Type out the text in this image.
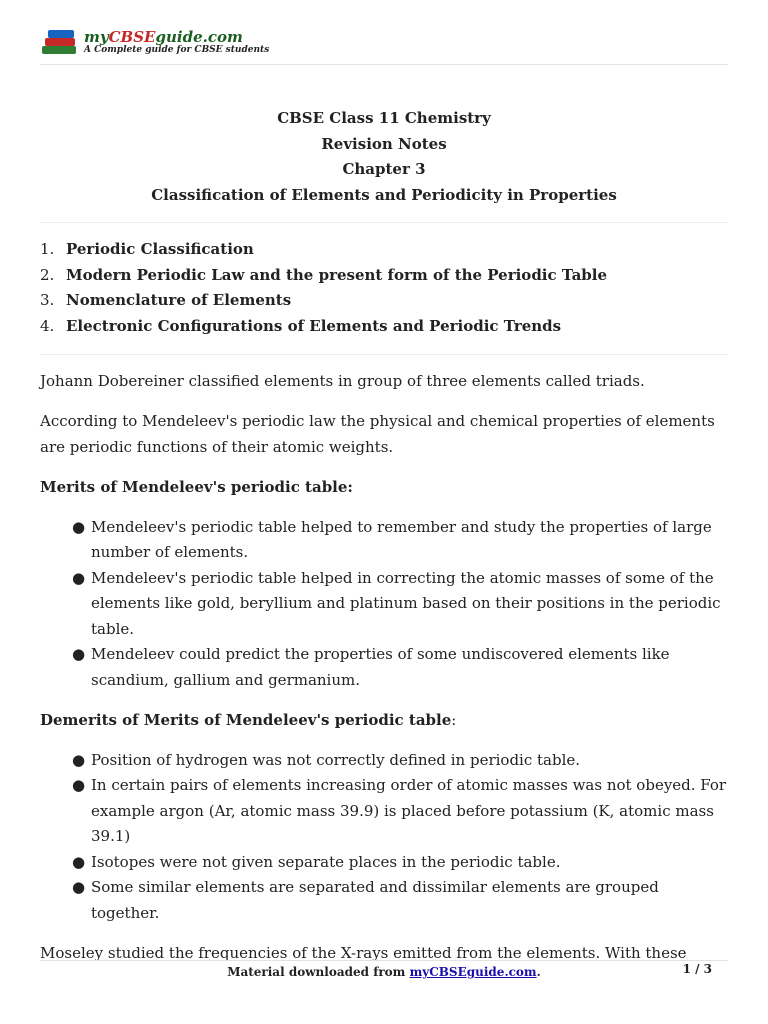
myCBSEguide.com
A Complete guide for CBSE students
CBSE Class 11 Chemistry
Revision Notes
Chapter 3
Classification of Elements and Periodicity in Properties
1. Periodic Classification
2. Modern Periodic Law and the present form of the Periodic Table
3. Nomenclature of Elements
4. Electronic Configurations of Elements and Periodic Trends

Johann Dobereiner classified elements in group of three elements called triads.

According to Mendeleev's periodic law the physical and chemical properties of elements are periodic functions of their atomic weights.

Merits of Mendeleev's periodic table:

● Mendeleev's periodic table helped to remember and study the properties of large number of elements.
● Mendeleev's periodic table helped in correcting the atomic masses of some of the elements like gold, beryllium and platinum based on their positions in the periodic table.
● Mendeleev could predict the properties of some undiscovered elements like scandium, gallium and germanium.

Demerits of Merits of Mendeleev's periodic table:

● Position of hydrogen was not correctly defined in periodic table.
● In certain pairs of elements increasing order of atomic masses was not obeyed. For example argon (Ar, atomic mass 39.9) is placed before potassium (K, atomic mass 39.1)
● Isotopes were not given separate places in the periodic table.
● Some similar elements are separated and dissimilar elements are grouped together.

Moseley studied the frequencies of the X-rays emitted from the elements. With these

Material downloaded from myCBSEguide.com.	1 / 3
